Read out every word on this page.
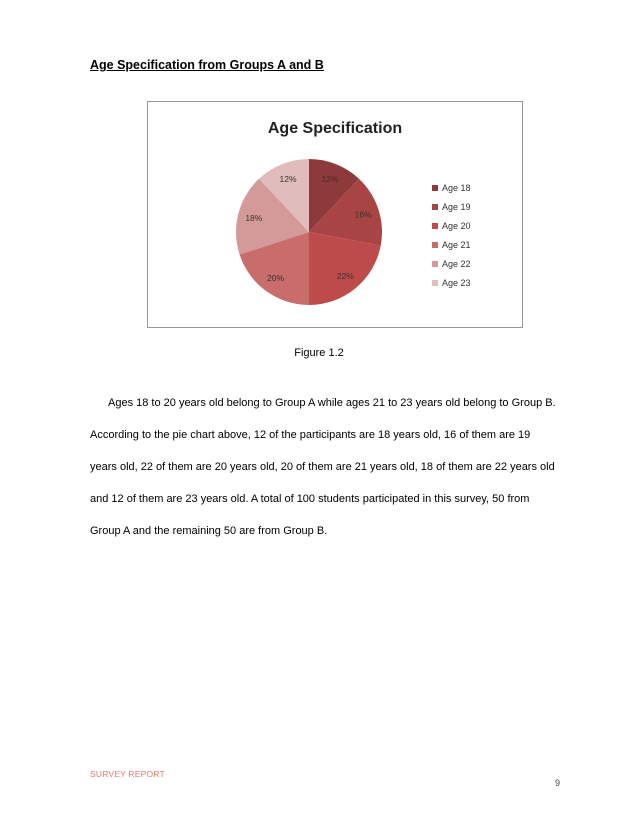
Age Specification from Groups A and B
Age Specification
12%
16%
22%
20%
18%
12%
Age 18
Age 19
Age 20
Age 21
Age 22
Age 23
Figure 1.2

Ages 18 to 20 years old belong to Group A while ages 21 to 23 years old belong to Group B. According to the pie chart above, 12 of the participants are 18 years old, 16 of them are 19 years old, 22 of them are 20 years old, 20 of them are 21 years old, 18 of them are 22 years old and 12 of them are 23 years old. A total of 100 students participated in this survey, 50 from Group A and the remaining 50 are from Group B.

SURVEY REPORT
9
